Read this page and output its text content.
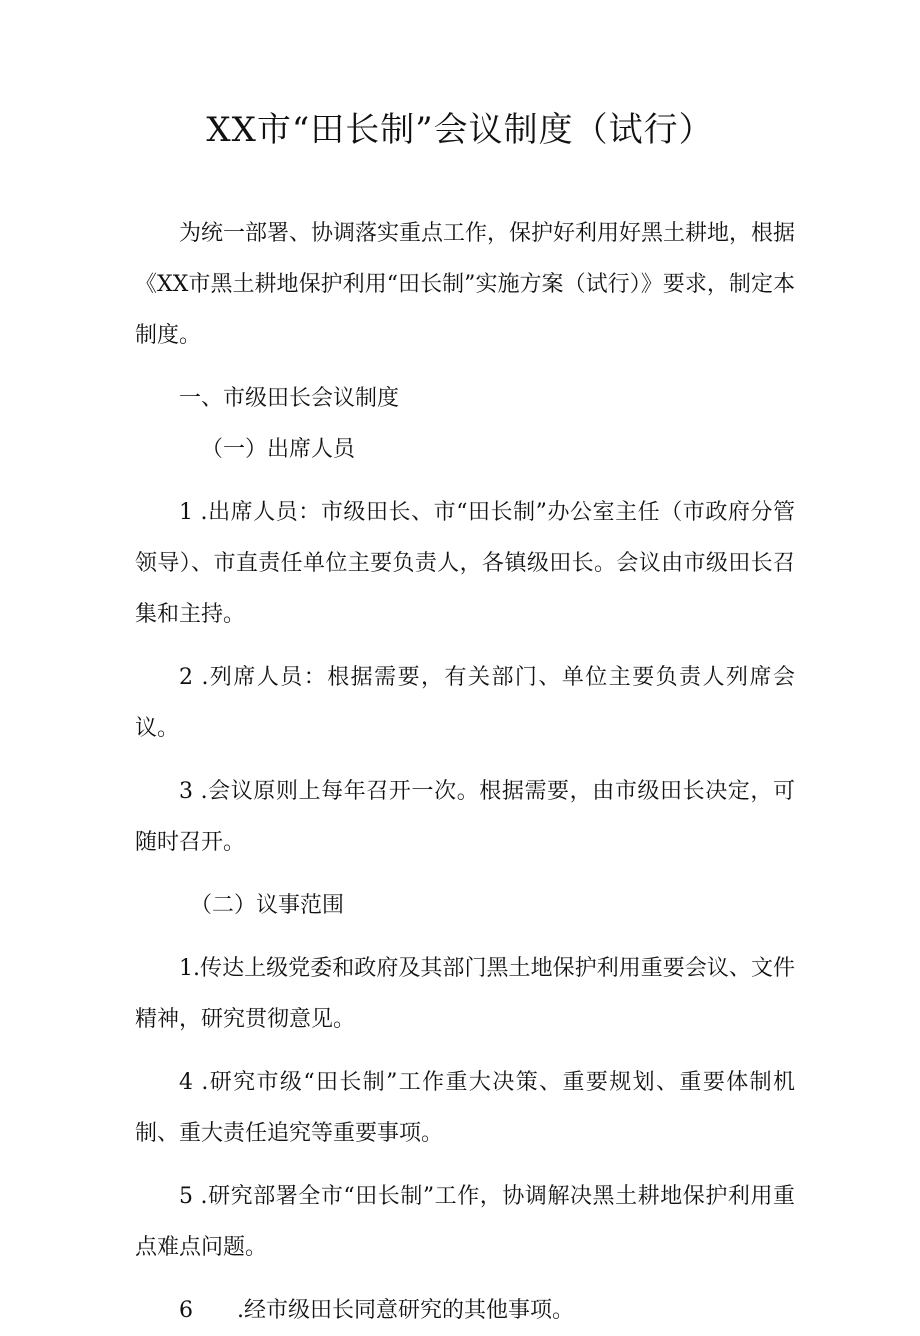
XX市“田长制”会议制度（试行）

为统一部署、协调落实重点工作，保护好利用好黑土耕地，根据《XX市黑土耕地保护利用“田长制”实施方案（试行）》要求，制定本制度。

一、市级田长会议制度

（一）出席人员

1 .出席人员：市级田长、市“田长制”办公室主任（市政府分管领导）、市直责任单位主要负责人，各镇级田长。会议由市级田长召集和主持。

2 .列席人员：根据需要，有关部门、单位主要负责人列席会议。

3 .会议原则上每年召开一次。根据需要，由市级田长决定，可随时召开。

（二）议事范围

1.传达上级党委和政府及其部门黑土地保护利用重要会议、文件精神，研究贯彻意见。

4 .研究市级“田长制”工作重大决策、重要规划、重要体制机制、重大责任追究等重要事项。

5 .研究部署全市“田长制”工作，协调解决黑土耕地保护利用重点难点问题。

6　　.经市级田长同意研究的其他事项。
